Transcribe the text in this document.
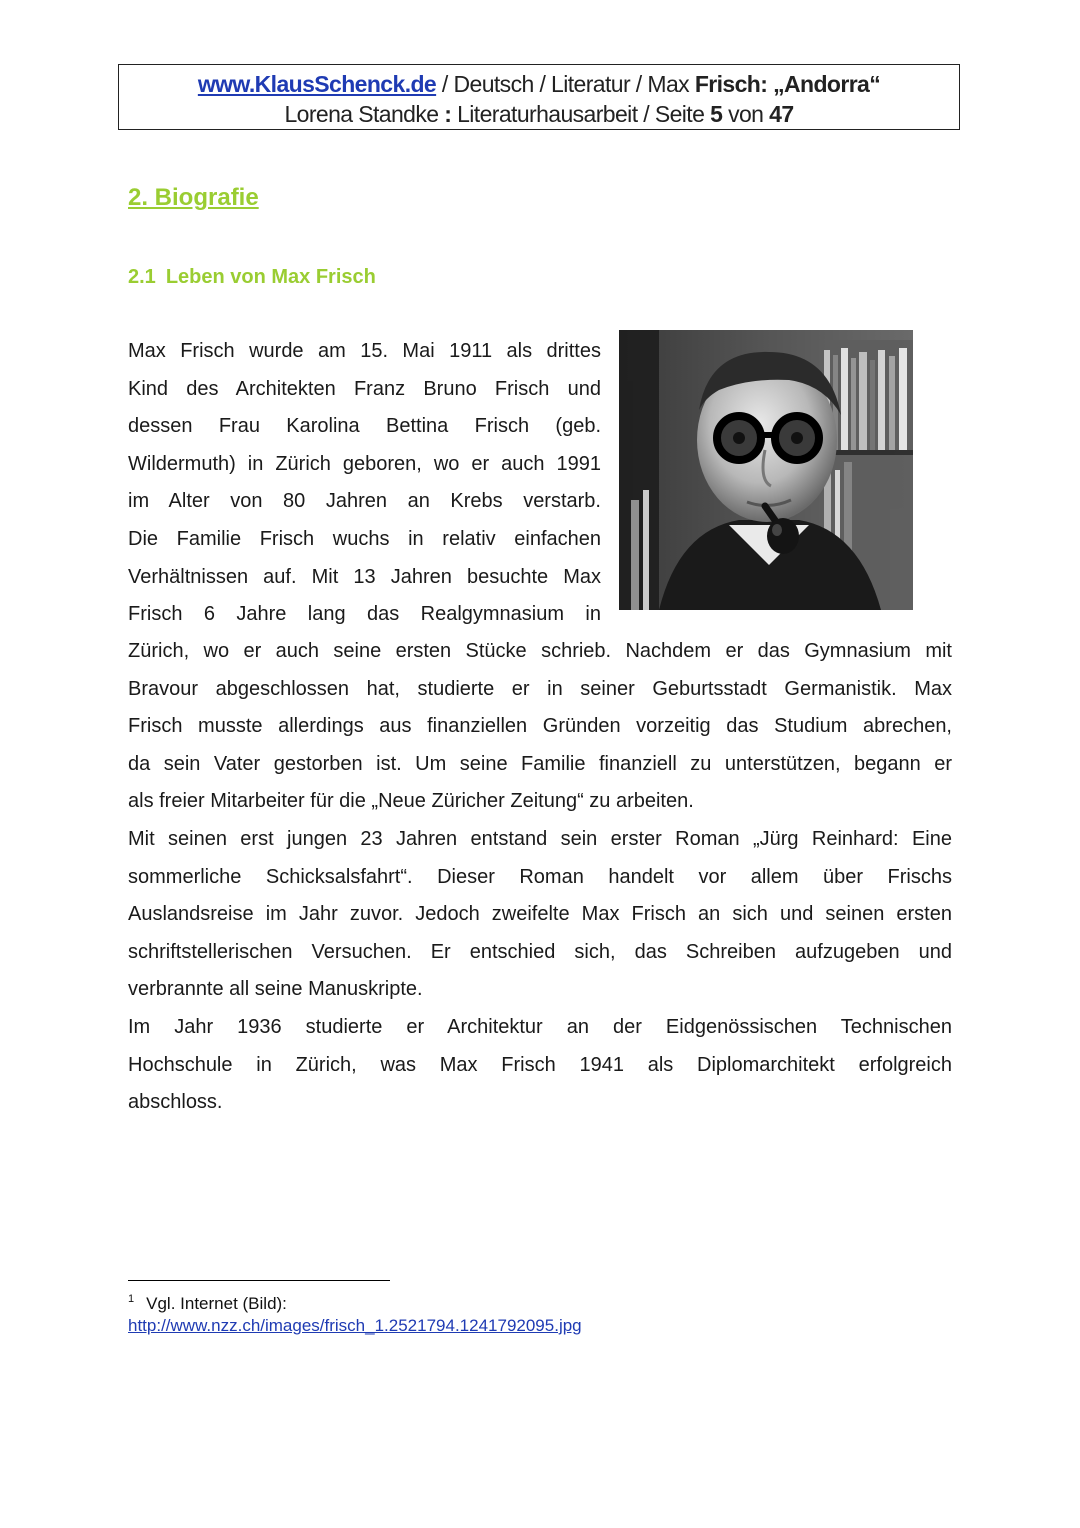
www.KlausSchenck.de / Deutsch / Literatur / Max Frisch: „Andorra“
Lorena Standke : Literaturhausarbeit / Seite 5 von 47
2. Biografie
2.1 Leben von Max Frisch
Max Frisch wurde am 15. Mai 1911 als drittes
Kind des Architekten Franz Bruno Frisch und
dessen Frau Karolina Bettina Frisch (geb.
Wildermuth) in Zürich geboren, wo er auch 1991
im Alter von 80 Jahren an Krebs verstarb.
Die Familie Frisch wuchs in relativ einfachen
Verhältnissen auf. Mit 13 Jahren besuchte Max
Frisch 6 Jahre lang das Realgymnasium in
Zürich, wo er auch seine ersten Stücke schrieb. Nachdem er das Gymnasium mit
Bravour abgeschlossen hat, studierte er in seiner Geburtsstadt Germanistik. Max
Frisch musste allerdings aus finanziellen Gründen vorzeitig das Studium abrechen,
da sein Vater gestorben ist. Um seine Familie finanziell zu unterstützen, begann er
als freier Mitarbeiter für die „Neue Züricher Zeitung“ zu arbeiten.
Mit seinen erst jungen 23 Jahren entstand sein erster Roman „Jürg Reinhard: Eine
sommerliche Schicksalsfahrt“. Dieser Roman handelt vor allem über Frischs
Auslandsreise im Jahr zuvor. Jedoch zweifelte Max Frisch an sich und seinen ersten
schriftstellerischen Versuchen. Er entschied sich, das Schreiben aufzugeben und
verbrannte all seine Manuskripte.
Im Jahr 1936 studierte er Architektur an der Eidgenössischen Technischen
Hochschule in Zürich, was Max Frisch 1941 als Diplomarchitekt erfolgreich
abschloss.
$^1$ Vgl. Internet (Bild):
http://www.nzz.ch/images/frisch_1.2521794.1241792095.jpg
